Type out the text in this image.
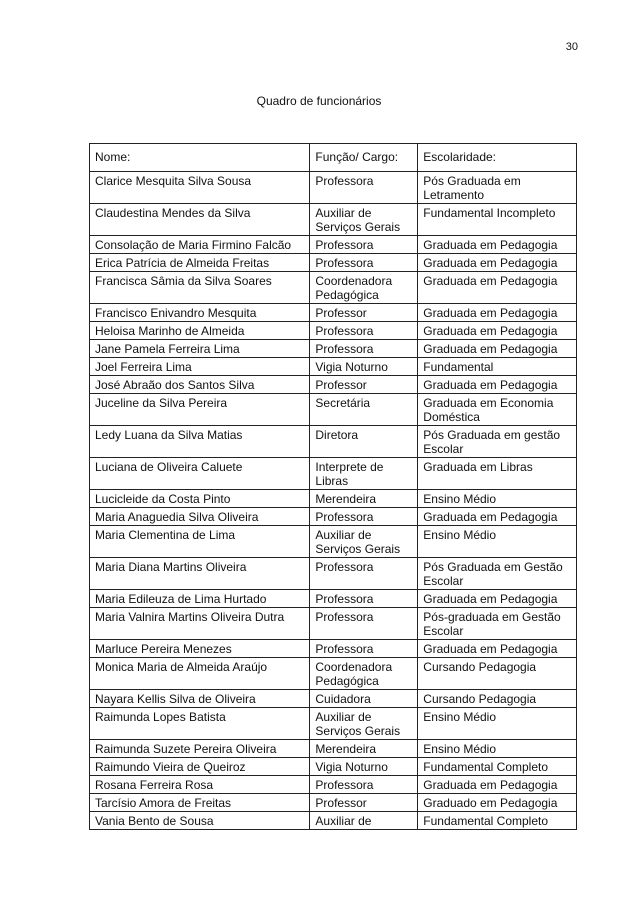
30
Quadro de funcionários
Nome:	Função/ Cargo:	Escolaridade:
Clarice Mesquita Silva Sousa	Professora	Pós Graduada em Letramento
Claudestina Mendes da Silva	Auxiliar de Serviços Gerais	Fundamental Incompleto
Consolação de Maria Firmino Falcão	Professora	Graduada em Pedagogia
Erica Patrícia de Almeida Freitas	Professora	Graduada em Pedagogia
Francisca Sâmia da Silva Soares	Coordenadora Pedagógica	Graduada em Pedagogia
Francisco Enivandro Mesquita	Professor	Graduada em Pedagogia
Heloisa Marinho de Almeida	Professora	Graduada em Pedagogia
Jane Pamela Ferreira Lima	Professora	Graduada em Pedagogia
Joel Ferreira Lima	Vigia Noturno	Fundamental
José Abraão dos Santos Silva	Professor	Graduada em Pedagogia
Juceline da Silva Pereira	Secretária	Graduada em Economia Doméstica
Ledy Luana da Silva Matias	Diretora	Pós Graduada em gestão Escolar
Luciana de Oliveira Caluete	Interprete de Libras	Graduada em Libras
Lucicleide da Costa Pinto	Merendeira	Ensino Médio
Maria Anaguedia Silva Oliveira	Professora	Graduada em Pedagogia
Maria Clementina de Lima	Auxiliar de Serviços Gerais	Ensino Médio
Maria Diana Martins Oliveira	Professora	Pós Graduada em Gestão Escolar
Maria Edileuza de Lima Hurtado	Professora	Graduada em Pedagogia
Maria Valnira Martins Oliveira Dutra	Professora	Pós-graduada em Gestão Escolar
Marluce Pereira Menezes	Professora	Graduada em Pedagogia
Monica Maria de Almeida Araújo	Coordenadora Pedagógica	Cursando Pedagogia
Nayara Kellis Silva de Oliveira	Cuidadora	Cursando Pedagogia
Raimunda Lopes Batista	Auxiliar de Serviços Gerais	Ensino Médio
Raimunda Suzete Pereira Oliveira	Merendeira	Ensino Médio
Raimundo Vieira de Queiroz	Vigia Noturno	Fundamental Completo
Rosana Ferreira Rosa	Professora	Graduada em Pedagogia
Tarcísio Amora de Freitas	Professor	Graduado em Pedagogia
Vania Bento de Sousa	Auxiliar de	Fundamental Completo
